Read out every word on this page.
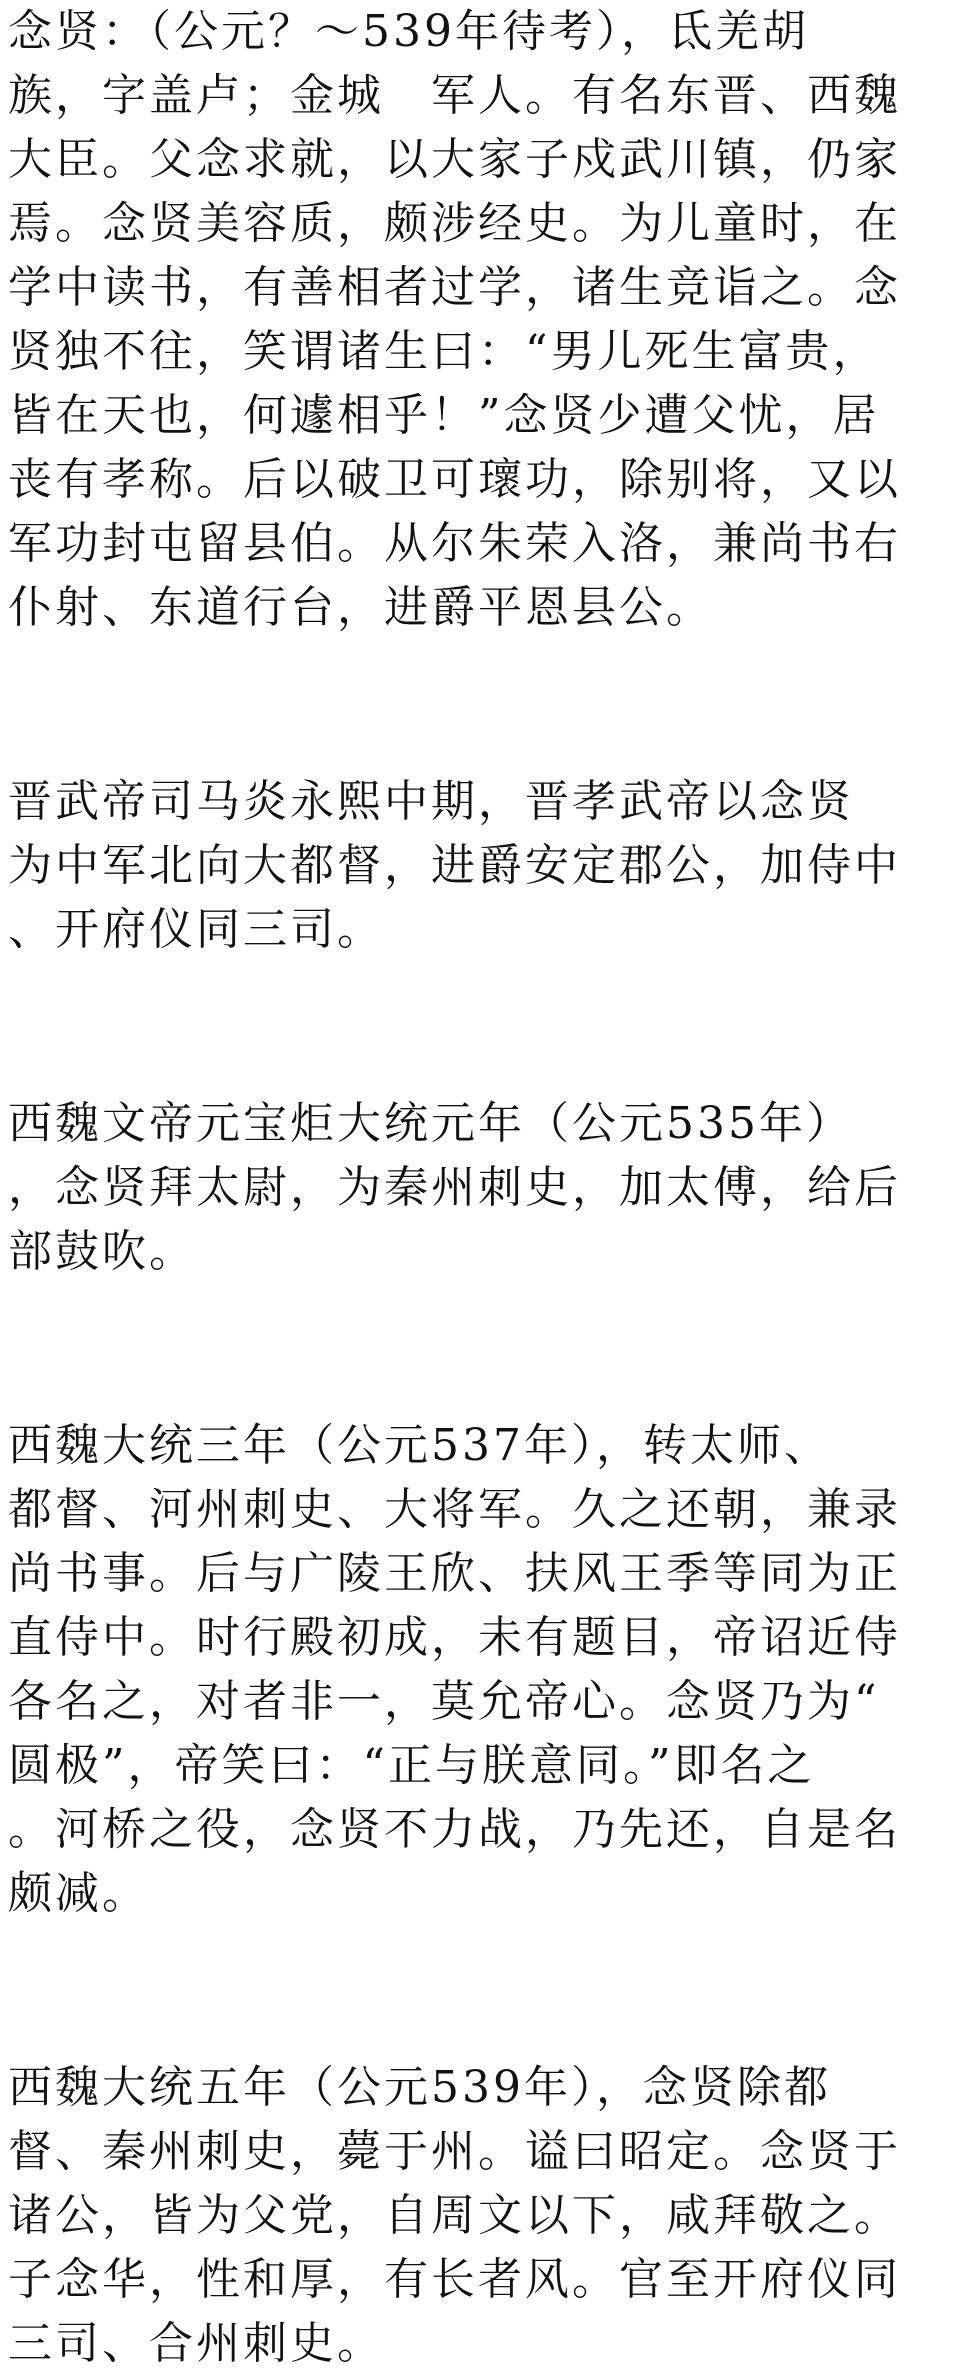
念贤：（公元？～539年待考），氐羌胡
族，字盖卢；金城　军人。有名东晋、西魏
大臣。父念求就，以大家子戍武川镇，仍家
焉。念贤美容质，颇涉经史。为儿童时，在
学中读书，有善相者过学，诸生竞诣之。念
贤独不往，笑谓诸生曰：“男儿死生富贵，
皆在天也，何遽相乎！”念贤少遭父忧，居
丧有孝称。后以破卫可瓌功，除别将，又以
军功封屯留县伯。从尔朱荣入洛，兼尚书右
仆射、东道行台，进爵平恩县公。
晋武帝司马炎永熙中期，晋孝武帝以念贤
为中军北向大都督，进爵安定郡公，加侍中
、开府仪同三司。
西魏文帝元宝炬大统元年（公元535年）
，念贤拜太尉，为秦州刺史，加太傅，给后
部鼓吹。
西魏大统三年（公元537年），转太师、
都督、河州刺史、大将军。久之还朝，兼录
尚书事。后与广陵王欣、扶风王季等同为正
直侍中。时行殿初成，未有题目，帝诏近侍
各名之，对者非一，莫允帝心。念贤乃为“
圆极”，帝笑曰：“正与朕意同。”即名之
。河桥之役，念贤不力战，乃先还，自是名
颇减。
西魏大统五年（公元539年），念贤除都
督、秦州刺史，薨于州。谥曰昭定。念贤于
诸公，皆为父党，自周文以下，咸拜敬之。
子念华，性和厚，有长者风。官至开府仪同
三司、合州刺史。
